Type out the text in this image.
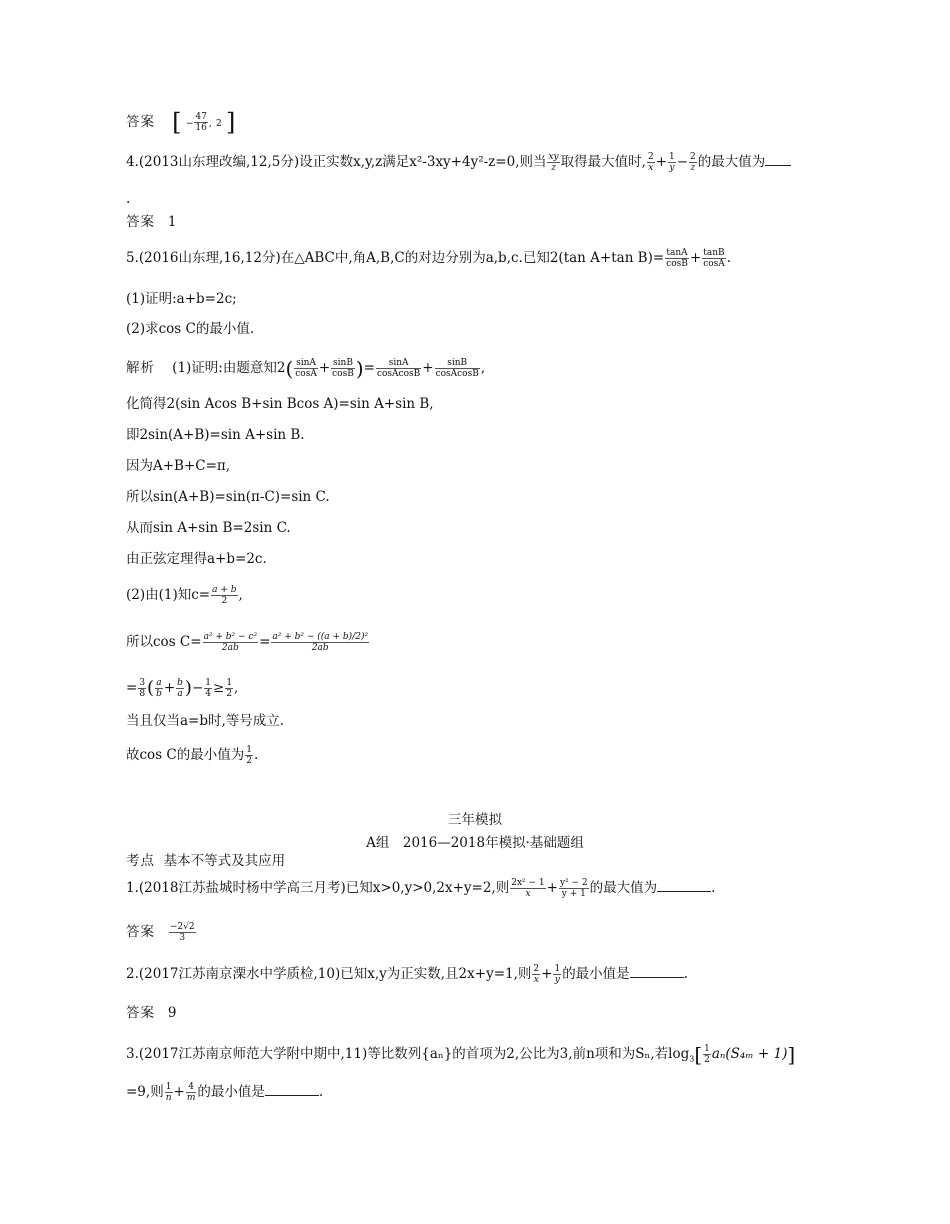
答案 [ − $\frac{47}{16}$ , 2 ]
4.(2013山东理改编,12,5分)设正实数x,y,z满足x²-3xy+4y²-z=0,则当 $\frac{xy}{z}$ 取得最大值时, $\frac{2}{x} + \frac{1}{y} - \frac{2}{z}$ 的最大值为
.
答案 1
5.(2016山东理,16,12分)在△ABC中,角A,B,C的对边分别为a,b,c.已知2(tan A+tan $B)= \frac{\tan A}{\cos B} + \frac{\tan B}{\cos A}$ .
(1)证明:a+b=2c;
(2)求cos C的最小值.
解析 (1)证明:由题意知$2( \frac{\sin A}{\cos A} + \frac{\sin B}{\cos B}$ )= $\frac{\sin A}{\text{cosAcosB}} + \frac{\sin B}{\text{cosAcosB}}$ ,
化简得2(sin Acos B+sin Bcos A)=sin A+sin B,
即2sin(A+B)=sin A+sin B.
因为A+B+C=π,
所以sin(A+B)=sin(π-C)=sin C.
从而sin A+sin B=2sin C.
由正弦定理得a+b=2c.
(2)由(1)知$c= \frac{a + b}{2}$ ,
所以$\cos C= \frac{\text{a² + b² − c²}}{2ab} = \frac{\text{a² + b² − ((a + b)/2)²}}{2ab}$
= $\frac{3}{8}$ ( $\frac{a}{b} + \frac{b}{a}$ )− $\frac{1}{4} \ge \frac{1}{2}$ ,
当且仅当a=b时,等号成立.
故cos C的最小值为 $\frac{1}{2}$ .
三年模拟
A组　2016—2018年模拟·基础题组
考点 基本不等式及其应用
1.(2018江苏盐城时杨中学高三月考)已知x>0,y>0,2x+y=2,则 $\frac{\text{2x² − 1}}{x} + \frac{\text{y² − 2}}{y + 1}$ 的最大值为	.
答案 $\frac{-2√2}{3}$
2.(2017江苏南京溧水中学质检,10)已知x,y为正实数,且2x+y=1,则 $\frac{2}{x} + \frac{1}{y}$ 的最小值是	.
答案 9
3.(2017江苏南京师范大学附中期中,11)等比数列{aₙ}的首项为2,公比为3,前n项和为Sₙ,若$\log_3[ \frac{1}{2} a_n(S_{4m} + 1)]$
=9,则 $\frac{1}{n} + \frac{4}{m}$ 的最小值是	.
